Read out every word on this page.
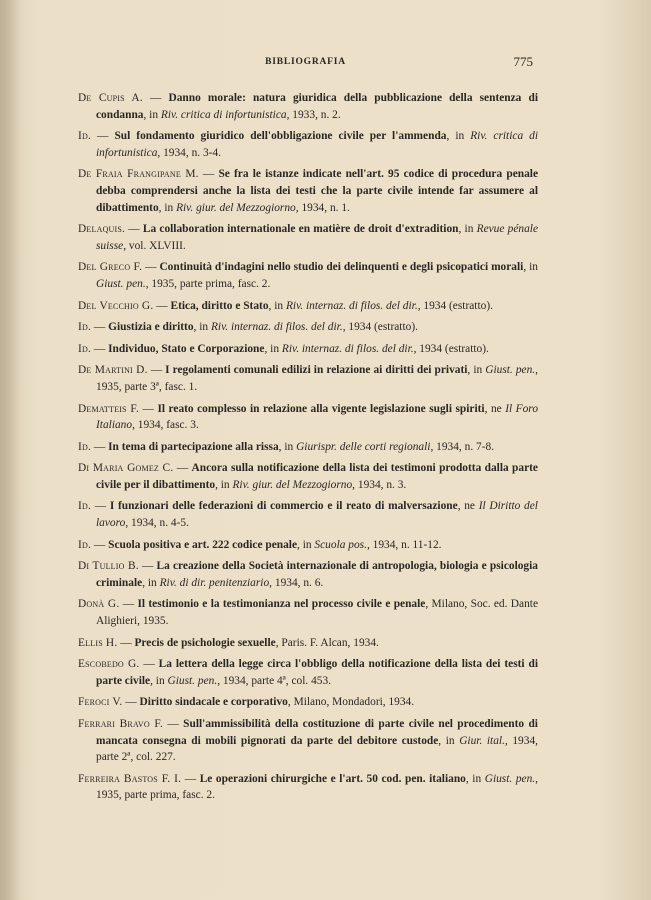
BIBLIOGRAFIA	775

De Cupis A. — Danno morale: natura giuridica della pubblicazione della sentenza di condanna, in Riv. critica di infortunistica, 1933, n. 2.

Id. — Sul fondamento giuridico dell'obbligazione civile per l'ammenda, in Riv. critica di infortunistica, 1934, n. 3-4.

De Fraia Frangipane M. — Se fra le istanze indicate nell'art. 95 codice di procedura penale debba comprendersi anche la lista dei testi che la parte civile intende far assumere al dibattimento, in Riv. giur. del Mezzogiorno, 1934, n. 1.

Delaquis. — La collaboration internationale en matière de droit d'extradition, in Revue pénale suisse, vol. XLVIII.

Del Greco F. — Continuità d'indagini nello studio dei delinquenti e degli psicopatici morali, in Giust. pen., 1935, parte prima, fasc. 2.

Del Vecchio G. — Etica, diritto e Stato, in Riv. internaz. di filos. del dir., 1934 (estratto).

Id. — Giustizia e diritto, in Riv. internaz. di filos. del dir., 1934 (estratto).

Id. — Individuo, Stato e Corporazione, in Riv. internaz. di filos. del dir., 1934 (estratto).

De Martini D. — I regolamenti comunali edilizi in relazione ai diritti dei privati, in Giust. pen., 1935, parte 3ª, fasc. 1.

Dematteis F. — Il reato complesso in relazione alla vigente legislazione sugli spiriti, ne Il Foro Italiano, 1934, fasc. 3.

Id. — In tema di partecipazione alla rissa, in Giurispr. delle corti regionali, 1934, n. 7-8.

Di Maria Gomez C. — Ancora sulla notificazione della lista dei testimoni prodotta dalla parte civile per il dibattimento, in Riv. giur. del Mezzogiorno, 1934, n. 3.

Id. — I funzionari delle federazioni di commercio e il reato di malversazione, ne Il Diritto del lavoro, 1934, n. 4-5.

Id. — Scuola positiva e art. 222 codice penale, in Scuola pos., 1934, n. 11-12.

Di Tullio B. — La creazione della Società internazionale di antropologia, biologia e psicologia criminale, in Riv. di dir. penitenziario, 1934, n. 6.

Donà G. — Il testimonio e la testimonianza nel processo civile e penale, Milano, Soc. ed. Dante Alighieri, 1935.

Ellis H. — Precis de psichologie sexuelle, Paris. F. Alcan, 1934.

Escobedo G. — La lettera della legge circa l'obbligo della notificazione della lista dei testi di parte civile, in Giust. pen., 1934, parte 4ª, col. 453.

Feroci V. — Diritto sindacale e corporativo, Milano, Mondadori, 1934.

Ferrari Bravo F. — Sull'ammissibilità della costituzione di parte civile nel procedimento di mancata consegna di mobili pignorati da parte del debitore custode, in Giur. ital., 1934, parte 2ª, col. 227.

Ferreira Bastos F. I. — Le operazioni chirurgiche e l'art. 50 cod. pen. italiano, in Giust. pen., 1935, parte prima, fasc. 2.
